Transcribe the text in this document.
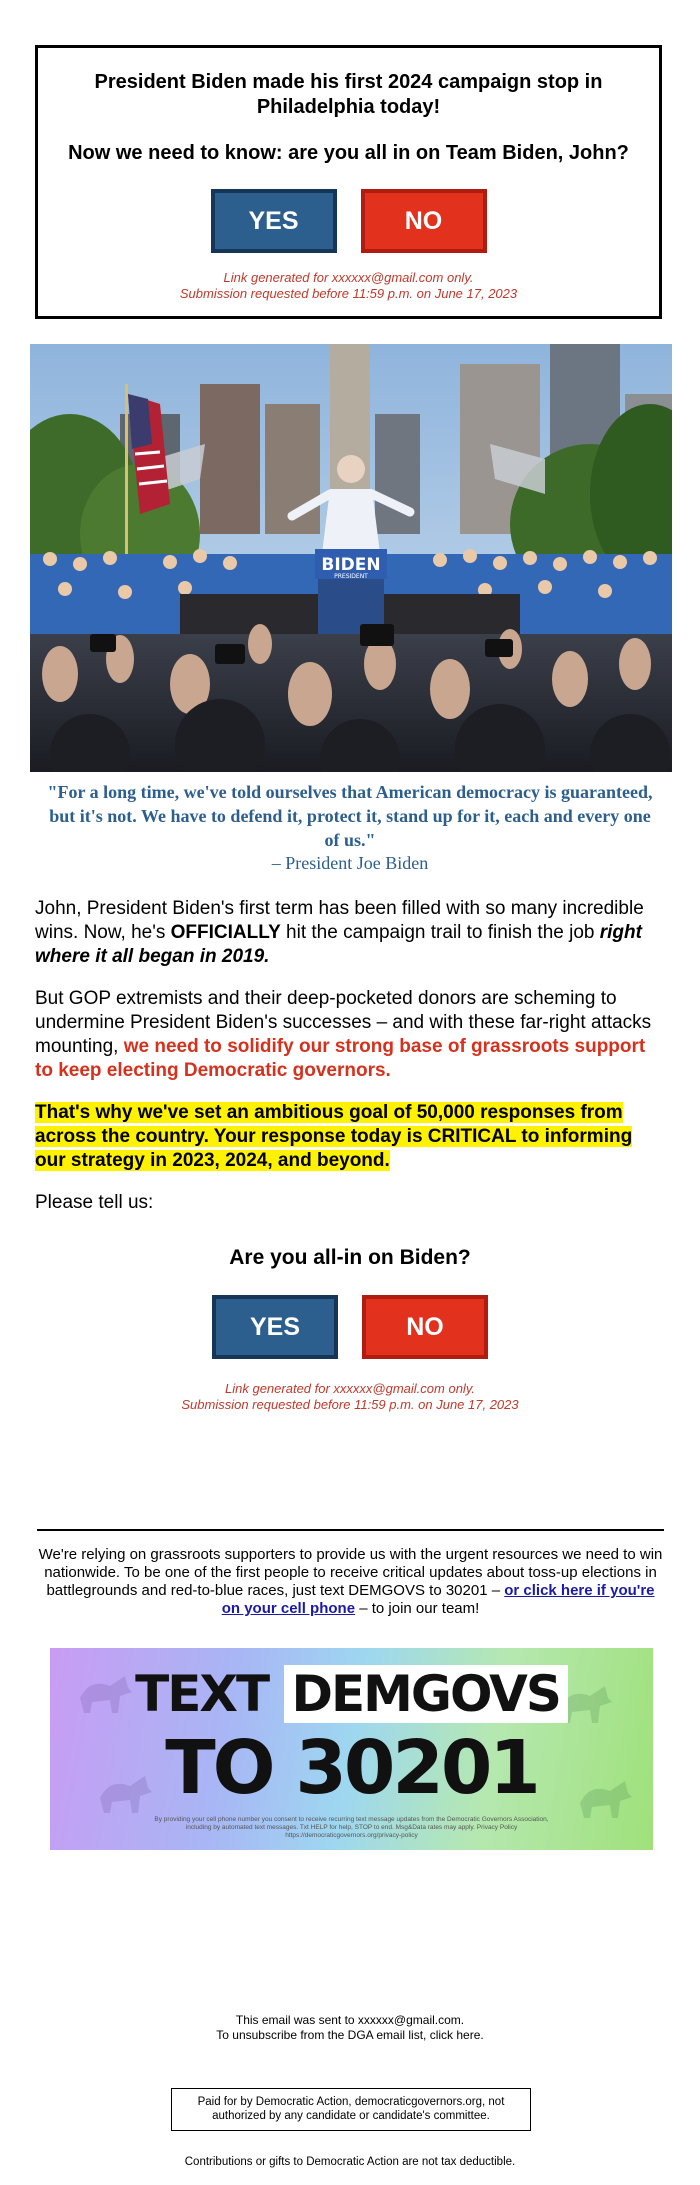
President Biden made his first 2024 campaign stop in Philadelphia today!
Now we need to know: are you all in on Team Biden, John?
YES	NO
Link generated for xxxxxx@gmail.com only.
Submission requested before 11:59 p.m. on June 17, 2023
BIDEN
PRESIDENT
"For a long time, we've told ourselves that American democracy is guaranteed, but it's not. We have to defend it, protect it, stand up for it, each and every one of us."
– President Joe Biden

John, President Biden's first term has been filled with so many incredible wins. Now, he's OFFICIALLY hit the campaign trail to finish the job right where it all began in 2019.

But GOP extremists and their deep-pocketed donors are scheming to undermine President Biden's successes – and with these far-right attacks mounting, we need to solidify our strong base of grassroots support to keep electing Democratic governors.

That's why we've set an ambitious goal of 50,000 responses from across the country. Your response today is CRITICAL to informing our strategy in 2023, 2024, and beyond.

Please tell us:

Are you all-in on Biden?
YES	NO
Link generated for xxxxxx@gmail.com only.
Submission requested before 11:59 p.m. on June 17, 2023
We're relying on grassroots supporters to provide us with the urgent resources we need to win nationwide. To be one of the first people to receive critical updates about toss-up elections in battlegrounds and red-to-blue races, just text DEMGOVS to 30201 – or click here if you're on your cell phone – to join our team!
TEXT DEMGOVS
TO 30201
By providing your cell phone number you consent to receive recurring text message updates from the Democratic Governors Association, including by automated text messages. Txt HELP for help, STOP to end. Msg&Data rates may apply. Privacy Policy https://democraticgovernors.org/privacy-policy
This email was sent to xxxxxx@gmail.com.
To unsubscribe from the DGA email list, click here.
Paid for by Democratic Action, democraticgovernors.org, not authorized by any candidate or candidate's committee.
Contributions or gifts to Democratic Action are not tax deductible.
